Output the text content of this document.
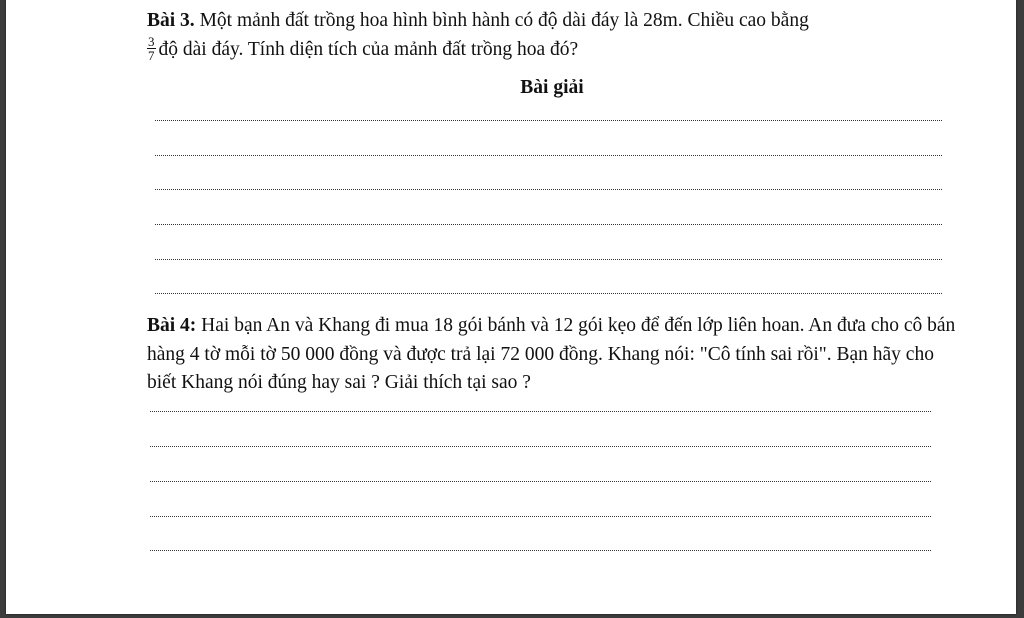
Bài 3. Một mảnh đất trồng hoa hình bình hành có độ dài đáy là 28m. Chiều cao bằng

$\frac{3}{7}$ độ dài đáy. Tính diện tích của mảnh đất trồng hoa đó?

Bài giải

Bài 4: Hai bạn An và Khang đi mua 18 gói bánh và 12 gói kẹo để đến lớp liên hoan. An đưa cho cô bán hàng 4 tờ mỗi tờ 50 000 đồng và được trả lại 72 000 đồng. Khang nói: "Cô tính sai rồi". Bạn hãy cho biết Khang nói đúng hay sai ? Giải thích tại sao ?
